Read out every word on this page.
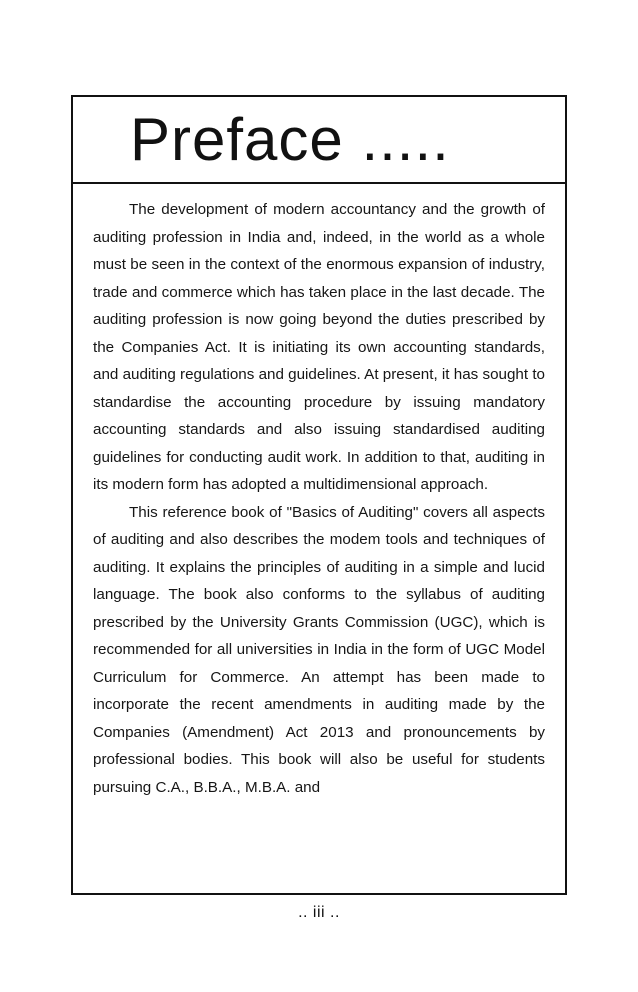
Preface .....

The development of modern accountancy and the growth of auditing profession in India and, indeed, in the world as a whole must be seen in the context of the enormous expansion of industry, trade and commerce which has taken place in the last decade. The auditing profession is now going beyond the duties prescribed by the Companies Act. It is initiating its own accounting standards, and auditing regulations and guidelines. At present, it has sought to standardise the accounting procedure by issuing mandatory accounting standards and also issuing standardised auditing guidelines for conducting audit work. In addition to that, auditing in its modern form has adopted a multidimensional approach.

This reference book of "Basics of Auditing" covers all aspects of auditing and also describes the modem tools and techniques of auditing. It explains the principles of auditing in a simple and lucid language. The book also conforms to the syllabus of auditing prescribed by the University Grants Commission (UGC), which is recommended for all universities in India in the form of UGC Model Curriculum for Commerce. An attempt has been made to incorporate the recent amendments in auditing made by the Companies (Amendment) Act 2013 and pronouncements by professional bodies. This book will also be useful for students pursuing C.A., B.B.A., M.B.A. and

.. iii ..
